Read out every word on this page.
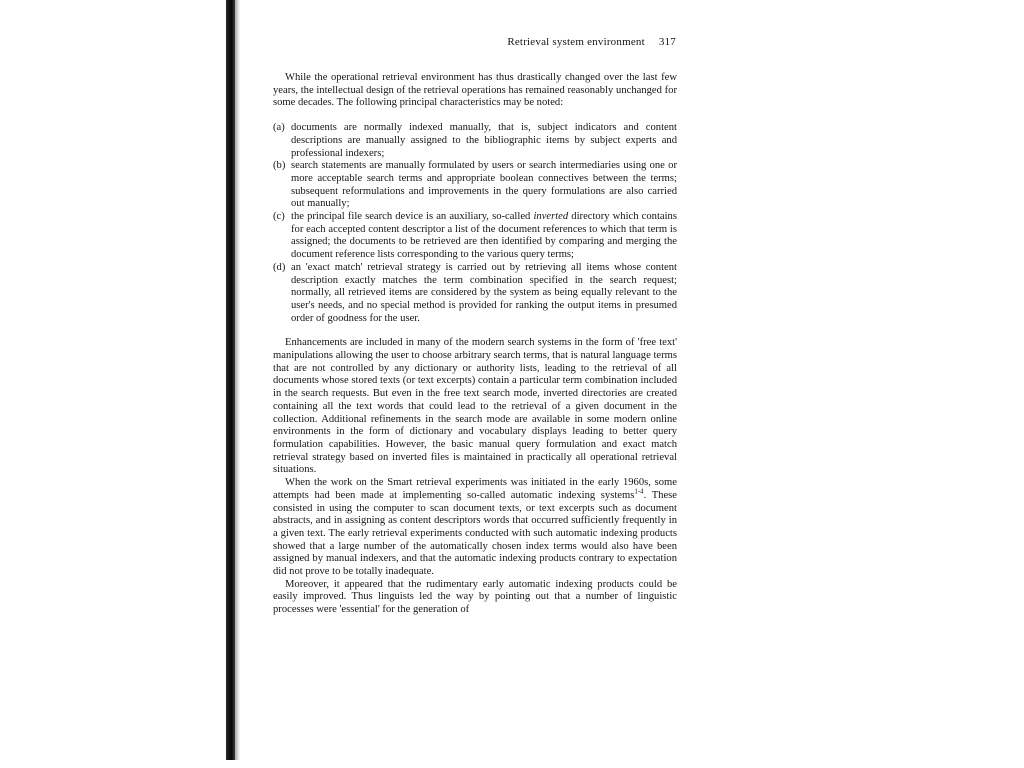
Retrieval system environment 317

While the operational retrieval environment has thus drastically changed over the last few years, the intellectual design of the retrieval operations has remained reasonably unchanged for some decades. The following principal characteristics may be noted:

(a) documents are normally indexed manually, that is, subject indicators and content descriptions are manually assigned to the bibliographic items by subject experts and professional indexers;
(b) search statements are manually formulated by users or search intermediaries using one or more acceptable search terms and appropriate boolean connectives between the terms; subsequent reformulations and improvements in the query formulations are also carried out manually;
(c) the principal file search device is an auxiliary, so-called inverted directory which contains for each accepted content descriptor a list of the document references to which that term is assigned; the documents to be retrieved are then identified by comparing and merging the document reference lists corresponding to the various query terms;
(d) an 'exact match' retrieval strategy is carried out by retrieving all items whose content description exactly matches the term combination specified in the search request; normally, all retrieved items are considered by the system as being equally relevant to the user's needs, and no special method is provided for ranking the output items in presumed order of goodness for the user.

Enhancements are included in many of the modern search systems in the form of 'free text' manipulations allowing the user to choose arbitrary search terms, that is natural language terms that are not controlled by any dictionary or authority lists, leading to the retrieval of all documents whose stored texts (or text excerpts) contain a particular term combination included in the search requests. But even in the free text search mode, inverted directories are created containing all the text words that could lead to the retrieval of a given document in the collection. Additional refinements in the search mode are available in some modern online environments in the form of dictionary and vocabulary displays leading to better query formulation capabilities. However, the basic manual query formulation and exact match retrieval strategy based on inverted files is maintained in practically all operational retrieval situations.

When the work on the Smart retrieval experiments was initiated in the early 1960s, some attempts had been made at implementing so-called automatic indexing systems$^{1-4}$. These consisted in using the computer to scan document texts, or text excerpts such as document abstracts, and in assigning as content descriptors words that occurred sufficiently frequently in a given text. The early retrieval experiments conducted with such automatic indexing products showed that a large number of the automatically chosen index terms would also have been assigned by manual indexers, and that the automatic indexing products contrary to expectation did not prove to be totally inadequate.

Moreover, it appeared that the rudimentary early automatic indexing products could be easily improved. Thus linguists led the way by pointing out that a number of linguistic processes were 'essential' for the generation of
